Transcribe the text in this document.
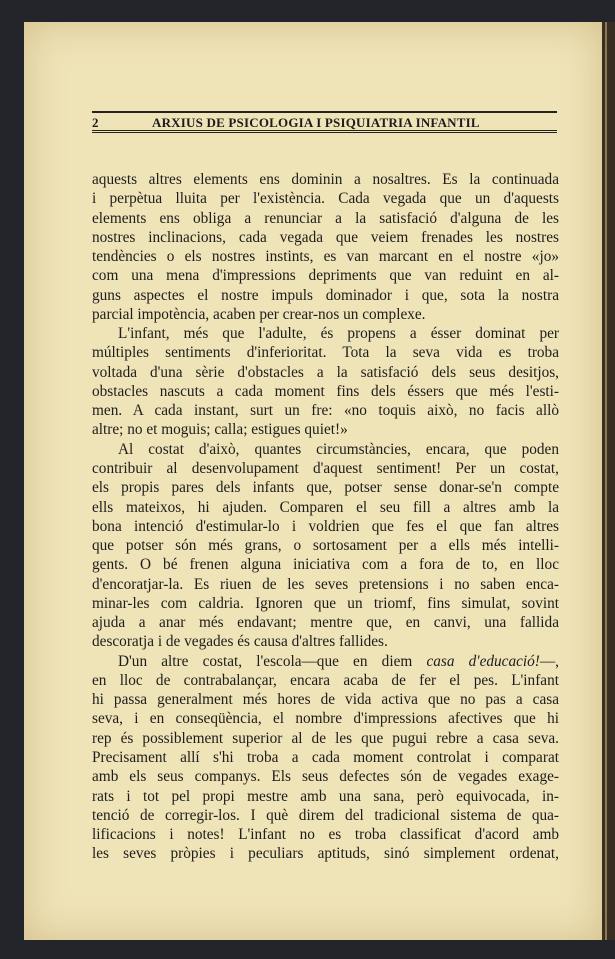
2	ARXIUS DE PSICOLOGIA I PSIQUIATRIA INFANTIL
aquests altres elements ens dominin a nosaltres. Es la continuada
i perpètua lluita per l'existència. Cada vegada que un d'aquests
elements ens obliga a renunciar a la satisfació d'alguna de les
nostres inclinacions, cada vegada que veiem frenades les nostres
tendències o els nostres instints, es van marcant en el nostre «jo»
com una mena d'impressions depriments que van reduint en al-
guns aspectes el nostre impuls dominador i que, sota la nostra
parcial impotència, acaben per crear-nos un complexe.
L'infant, més que l'adulte, és propens a ésser dominat per
múltiples sentiments d'inferioritat. Tota la seva vida es troba
voltada d'una sèrie d'obstacles a la satisfació dels seus desitjos,
obstacles nascuts a cada moment fins dels éssers que més l'esti-
men. A cada instant, surt un fre: «no toquis això, no facis allò
altre; no et moguis; calla; estigues quiet!»
Al costat d'això, quantes circumstàncies, encara, que poden
contribuir al desenvolupament d'aquest sentiment! Per un costat,
els propis pares dels infants que, potser sense donar-se'n compte
ells mateixos, hi ajuden. Comparen el seu fill a altres amb la
bona intenció d'estimular-lo i voldrien que fes el que fan altres
que potser són més grans, o sortosament per a ells més intelli-
gents. O bé frenen alguna iniciativa com a fora de to, en lloc
d'encoratjar-la. Es riuen de les seves pretensions i no saben enca-
minar-les com caldria. Ignoren que un triomf, fins simulat, sovint
ajuda a anar més endavant; mentre que, en canvi, una fallida
descoratja i de vegades és causa d'altres fallides.
D'un altre costat, l'escola—que en diem casa d'educació!—,
en lloc de contrabalançar, encara acaba de fer el pes. L'infant
hi passa generalment més hores de vida activa que no pas a casa
seva, i en conseqüència, el nombre d'impressions afectives que hi
rep és possiblement superior al de les que pugui rebre a casa seva.
Precisament allí s'hi troba a cada moment controlat i comparat
amb els seus companys. Els seus defectes són de vegades exage-
rats i tot pel propi mestre amb una sana, però equivocada, in-
tenció de corregir-los. I què direm del tradicional sistema de qua-
lificacions i notes! L'infant no es troba classificat d'acord amb
les seves pròpies i peculiars aptituds, sinó simplement ordenat,
